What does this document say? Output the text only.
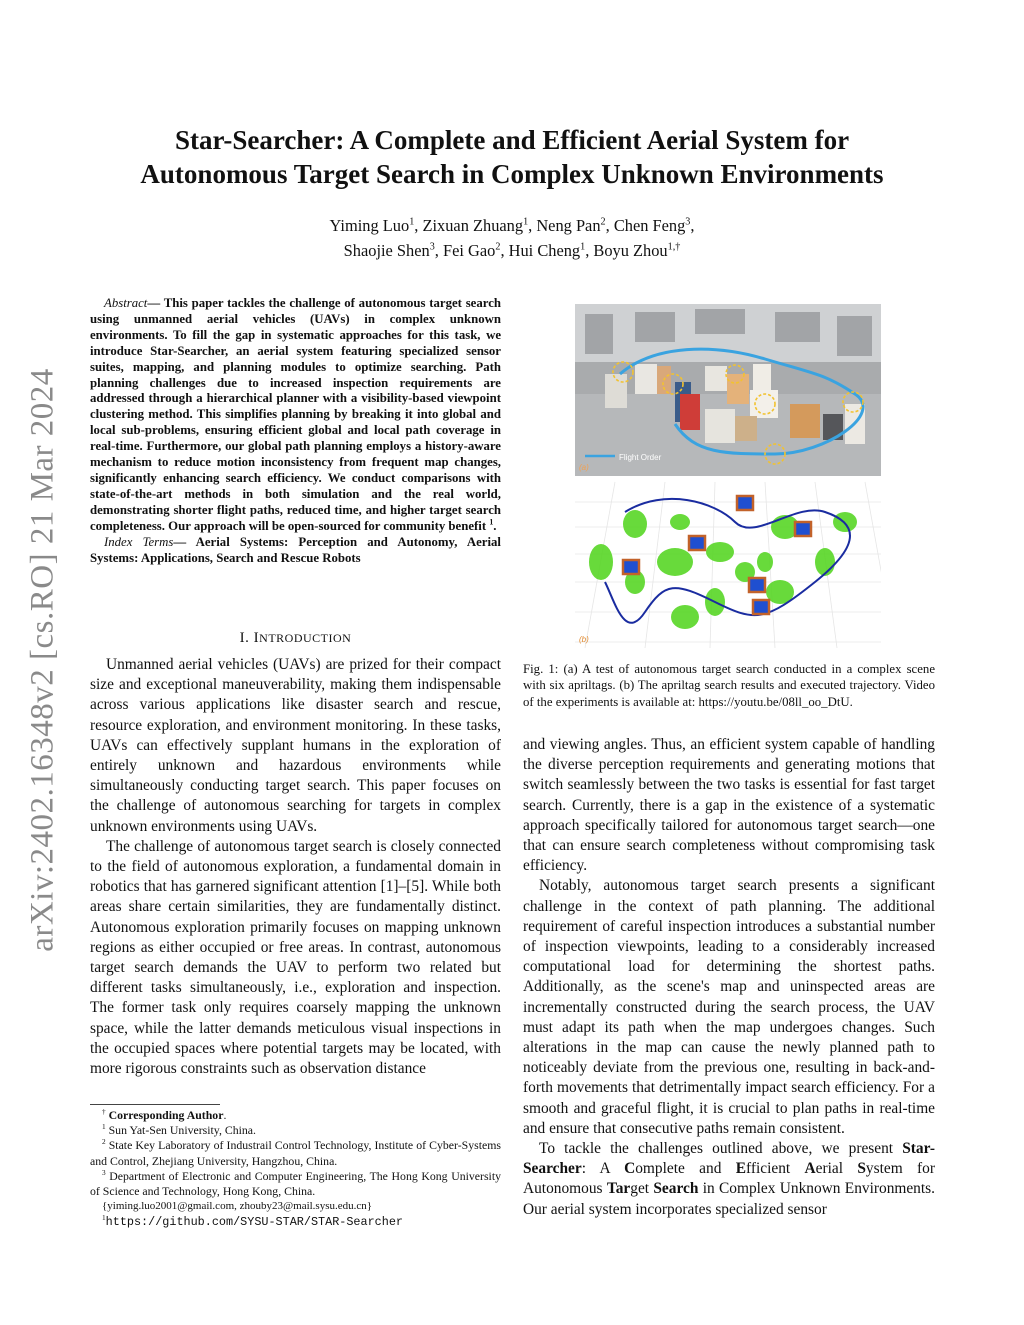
arXiv:2402.16348v2 [cs.RO] 21 Mar 2024
Star-Searcher: A Complete and Efficient Aerial System for
Autonomous Target Search in Complex Unknown Environments
Yiming Luo$^1$, Zixuan Zhuang$^1$, Neng Pan$^2$, Chen Feng$^3$,
Shaojie Shen$^3$, Fei Gao$^2$, Hui Cheng$^1$, Boyu Zhou$^{1,\dagger}$

Abstract— This paper tackles the challenge of autonomous target search using unmanned aerial vehicles (UAVs) in complex unknown environments. To fill the gap in systematic approaches for this task, we introduce Star-Searcher, an aerial system featuring specialized sensor suites, mapping, and planning modules to optimize searching. Path planning challenges due to increased inspection requirements are addressed through a hierarchical planner with a visibility-based viewpoint clustering method. This simplifies planning by breaking it into global and local sub-problems, ensuring efficient global and local path coverage in real-time. Furthermore, our global path planning employs a history-aware mechanism to reduce motion inconsistency from frequent map changes, significantly enhancing search efficiency. We conduct comparisons with state-of-the-art methods in both simulation and the real world, demonstrating shorter flight paths, reduced time, and higher target search completeness. Our approach will be open-sourced for community benefit $^1$.

Index Terms— Aerial Systems: Perception and Autonomy, Aerial Systems: Applications, Search and Rescue Robots

I. INTRODUCTION

Unmanned aerial vehicles (UAVs) are prized for their compact size and exceptional maneuverability, making them indispensable across various applications like disaster search and rescue, resource exploration, and environment monitoring. In these tasks, UAVs can effectively supplant humans in the exploration of entirely unknown and hazardous environments while simultaneously conducting target search. This paper focuses on the challenge of autonomous searching for targets in complex unknown environments using UAVs.

The challenge of autonomous target search is closely connected to the field of autonomous exploration, a fundamental domain in robotics that has garnered significant attention [1]–[5]. While both areas share certain similarities, they are fundamentally distinct. Autonomous exploration primarily focuses on mapping unknown regions as either occupied or free areas. In contrast, autonomous target search demands the UAV to perform two related but different tasks simultaneously, i.e., exploration and inspection. The former task only requires coarsely mapping the unknown space, while the latter demands meticulous visual inspections in the occupied spaces where potential targets may be located, with more rigorous constraints such as observation distance

† Corresponding Author.
$^1$ Sun Yat-Sen University, China.
$^2$ State Key Laboratory of Industrail Control Technology, Institute of Cyber-Systems and Control, Zhejiang University, Hangzhou, China.
$^3$ Department of Electronic and Computer Engineering, The Hong Kong University of Science and Technology, Hong Kong, China.
{yiming.luo2001@gmail.com, zhouby23@mail.sysu.edu.cn}
$^1$https://github.com/SYSU-STAR/STAR-Searcher
Flight Order
(a)
(b)
Fig. 1: (a) A test of autonomous target search conducted in a complex scene with six apriltags. (b) The apriltag search results and executed trajectory. Video of the experiments is available at: https://youtu.be/08ll_oo_DtU.

and viewing angles. Thus, an efficient system capable of handling the diverse perception requirements and generating motions that switch seamlessly between the two tasks is essential for fast target search. Currently, there is a gap in the existence of a systematic approach specifically tailored for autonomous target search—one that can ensure search completeness without compromising task efficiency.

Notably, autonomous target search presents a significant challenge in the context of path planning. The additional requirement of careful inspection introduces a substantial number of inspection viewpoints, leading to a considerably increased computational load for determining the shortest paths. Additionally, as the scene's map and uninspected areas are incrementally constructed during the search process, the UAV must adapt its path when the map undergoes changes. Such alterations in the map can cause the newly planned path to noticeably deviate from the previous one, resulting in back-and-forth movements that detrimentally impact search efficiency. For a smooth and graceful flight, it is crucial to plan paths in real-time and ensure that consecutive paths remain consistent.

To tackle the challenges outlined above, we present Star-Searcher: A Complete and Efficient Aerial System for Autonomous Target Search in Complex Unknown Environments. Our aerial system incorporates specialized sensor
